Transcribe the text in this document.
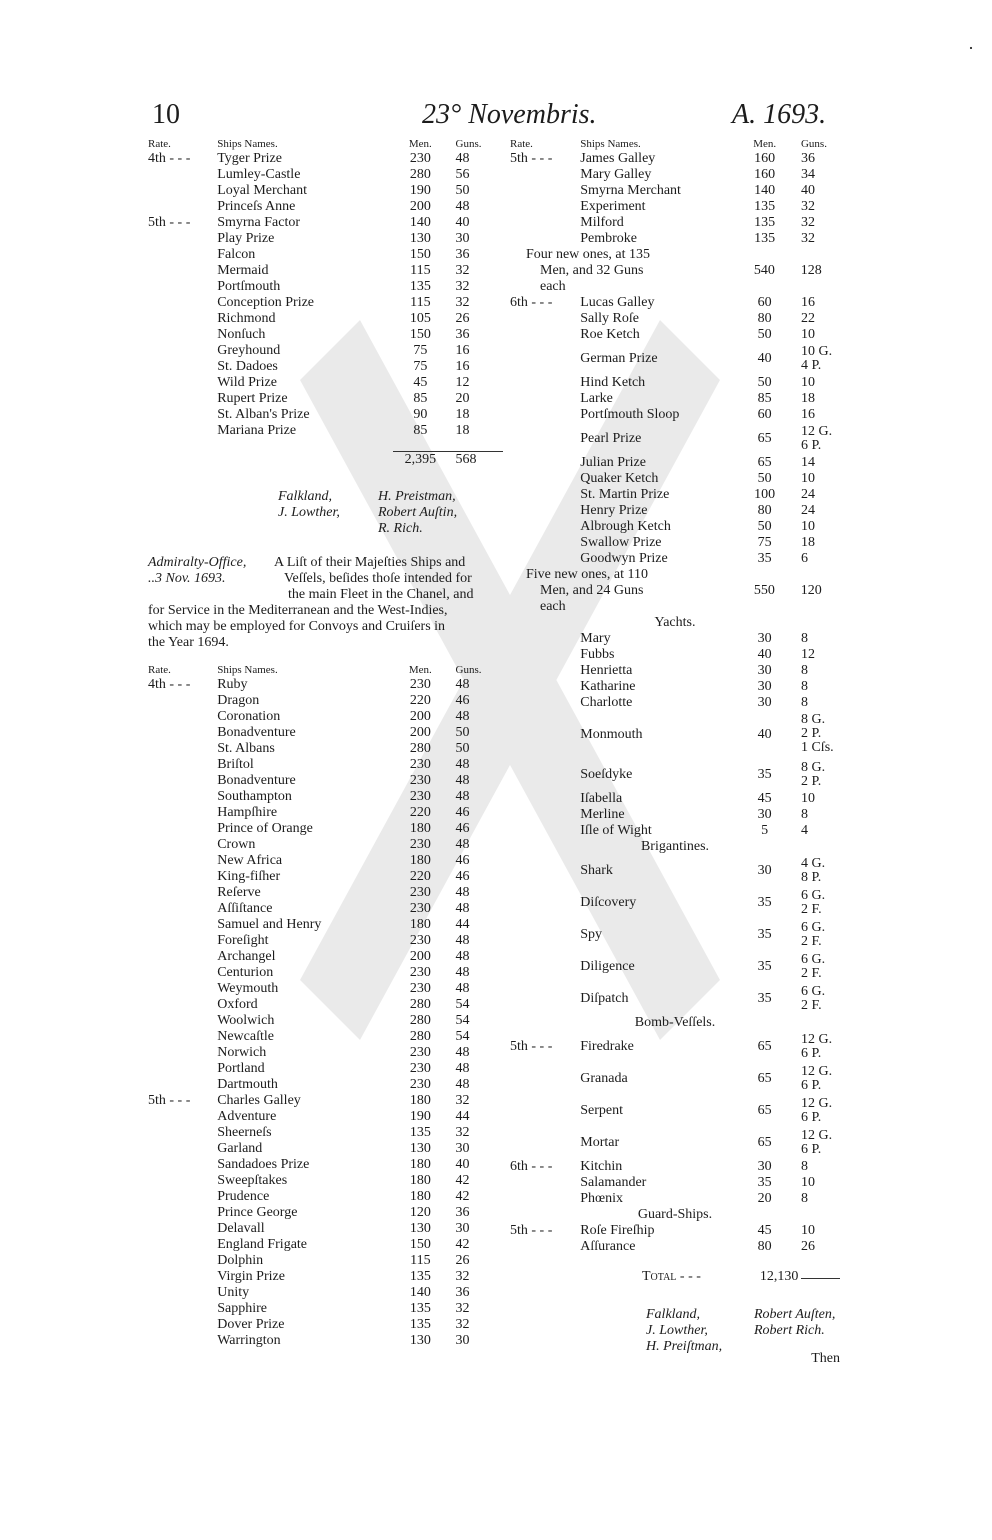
·
10	23° Novembris.	A. 1693.
Rate.	Ships Names.	Men.	Guns.
4th - - -	Tyger Prize	230	48
Lumley-Castle	280	56
Loyal Merchant	190	50
Princeſs Anne	200	48
5th - - -	Smyrna Factor	140	40
Play Prize	130	30
Falcon	150	36
Mermaid	115	32
Portſmouth	135	32
Conception Prize	115	32
Richmond	105	26
Nonſuch	150	36
Greyhound	75	16
St. Dadoes	75	16
Wild Prize	45	12
Rupert Prize	85	20
St. Alban's Prize	90	18
Mariana Prize	85	18
2,395	568
Falkland,	H. Preistman,
J. Lowther,	Robert Auſtin,
R. Rich.
Admiralty-Office,
..3 Nov. 1693.
A Liſt of their Majeſties Ships and
Veſſels, beſides thoſe intended for
the main Fleet in the Chanel, and
for Service in the Mediterranean and the West-Indies,
which may be employed for Convoys and Cruiſers in
the Year 1694.
Rate.	Ships Names.	Men.	Guns.
4th - - -	Ruby	230	48
Dragon	220	46
Coronation	200	48
Bonadventure	200	50
St. Albans	280	50
Briſtol	230	48
Bonadventure	230	48
Southampton	230	48
Hampſhire	220	46
Prince of Orange	180	46
Crown	230	48
New Africa	180	46
King-fiſher	220	46
Reſerve	230	48
Aſſiſtance	230	48
Samuel and Henry	180	44
Foreſight	230	48
Archangel	200	48
Centurion	230	48
Weymouth	230	48
Oxford	280	54
Woolwich	280	54
Newcaſtle	280	54
Norwich	230	48
Portland	230	48
Dartmouth	230	48
5th - - -	Charles Galley	180	32
Adventure	190	44
Sheerneſs	135	32
Garland	130	30
Sandadoes Prize	180	40
Sweepſtakes	180	42
Prudence	180	42
Prince George	120	36
Delavall	130	30
England Frigate	150	42
Dolphin	115	26
Virgin Prize	135	32
Unity	140	36
Sapphire	135	32
Dover Prize	135	32
Warrington	130	30
Rate.	Ships Names.	Men.	Guns.
5th - - -	James Galley	160	36
Mary Galley	160	34
Smyrna Merchant	140	40
Experiment	135	32
Milford	135	32
Pembroke	135	32
Four new ones, at 135
Men, and 32 Guns
each
540	128
6th - - -	Lucas Galley	60	16
Sally Roſe	80	22
Roe Ketch	50	10
German Prize	40	10 G.
4 P.
Hind Ketch	50	10
Larke	85	18
Portſmouth Sloop	60	16
Pearl Prize	65	12 G.
6 P.
Julian Prize	65	14
Quaker Ketch	50	10
St. Martin Prize	100	24
Henry Prize	80	24
Albrough Ketch	50	10
Swallow Prize	75	18
Goodwyn Prize	35	6
Five new ones, at 110
Men, and 24 Guns
each
550	120
Yachts.
Mary	30	8
Fubbs	40	12
Henrietta	30	8
Katharine	30	8
Charlotte	30	8
Monmouth	40
8 G.
2 P.
1 Cſs.
Soeſdyke	35	8 G.
2 P.
Iſabella	45	10
Merline	30	8
Iſle of Wight	5	4
Brigantines.
Shark	30	4 G.
8 P.
Diſcovery	35	6 G.
2 F.
Spy	35	6 G.
2 F.
Diligence	35	6 G.
2 F.
Diſpatch	35	6 G.
2 F.
Bomb-Veſſels.
5th - - -	Firedrake	65	12 G.
6 P.
Granada	65	12 G.
6 P.
Serpent	65	12 G.
6 P.
Mortar	65	12 G.
6 P.
6th - - -	Kitchin	30	8
Salamander	35	10
Phœnix	20	8
Guard-Ships.
5th - - -	Roſe Fireſhip	45	10
Aſſurance	80	26
Total - - -	12,130
Falkland,	Robert Auſten,
J. Lowther,	Robert Rich.
H. Preiſtman,
Then
